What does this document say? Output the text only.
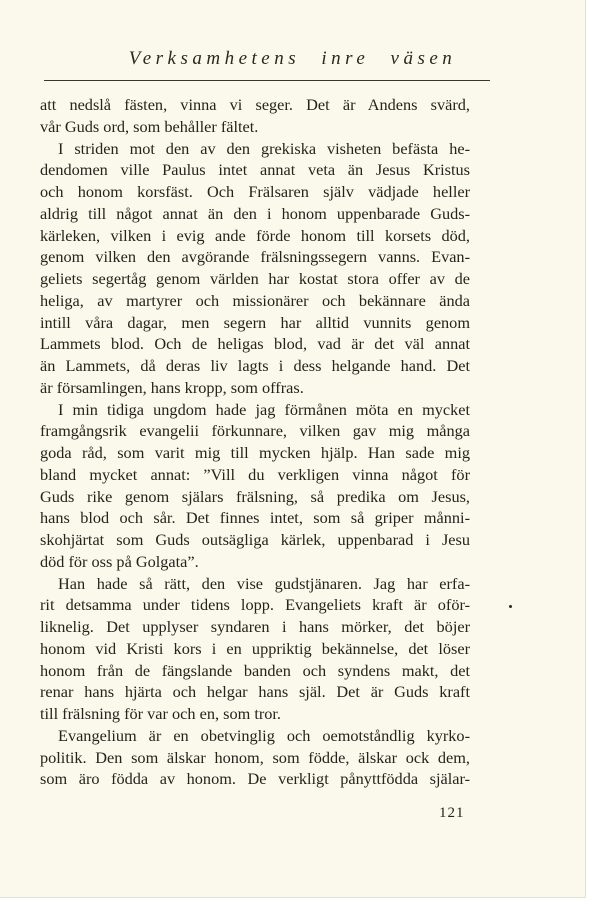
Verksamhetens inre väsen
att nedslå fästen, vinna vi seger. Det är Andens svärd,
vår Guds ord, som behåller fältet.
I striden mot den av den grekiska visheten befästa he-
dendomen ville Paulus intet annat veta än Jesus Kristus
och honom korsfäst. Och Frälsaren själv vädjade heller
aldrig till något annat än den i honom uppenbarade Guds-
kärleken, vilken i evig ande förde honom till korsets död,
genom vilken den avgörande frälsningssegern vanns. Evan-
geliets segertåg genom världen har kostat stora offer av de
heliga, av martyrer och missionärer och bekännare ända
intill våra dagar, men segern har alltid vunnits genom
Lammets blod. Och de heligas blod, vad är det väl annat
än Lammets, då deras liv lagts i dess helgande hand. Det
är församlingen, hans kropp, som offras.
I min tidiga ungdom hade jag förmånen möta en mycket
framgångsrik evangelii förkunnare, vilken gav mig många
goda råd, som varit mig till mycken hjälp. Han sade mig
bland mycket annat: ”Vill du verkligen vinna något för
Guds rike genom själars frälsning, så predika om Jesus,
hans blod och sår. Det finnes intet, som så griper månni-
skohjärtat som Guds outsägliga kärlek, uppenbarad i Jesu
död för oss på Golgata”.
Han hade så rätt, den vise gudstjänaren. Jag har erfa-
rit detsamma under tidens lopp. Evangeliets kraft är oför-
liknelig. Det upplyser syndaren i hans mörker, det böjer
honom vid Kristi kors i en uppriktig bekännelse, det löser
honom från de fängslande banden och syndens makt, det
renar hans hjärta och helgar hans själ. Det är Guds kraft
till frälsning för var och en, som tror.
Evangelium är en obetvinglig och oemotståndlig kyrko-
politik. Den som älskar honom, som födde, älskar ock dem,
som äro födda av honom. De verkligt pånyttfödda själar-
121
